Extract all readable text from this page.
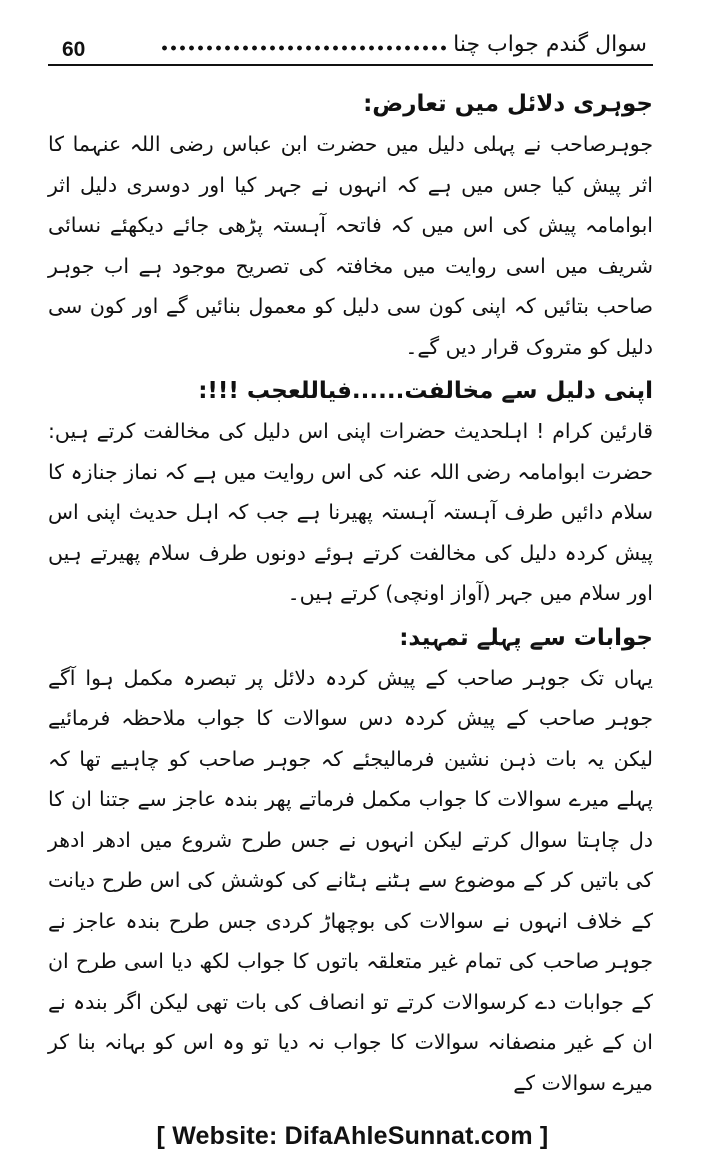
60	سوال گندم جواب چنا
جوہری دلائل میں تعارض:

جوہرصاحب نے پہلی دلیل میں حضرت ابن عباس رضی اللہ عنہما کا اثر پیش کیا جس میں ہے کہ انہوں نے جہر کیا اور دوسری دلیل اثر ابوامامہ پیش کی اس میں کہ فاتحہ آہستہ پڑھی جائے دیکھئے نسائی شریف میں اسی روایت میں مخافتہ کی تصریح موجود ہے اب جوہر صاحب بتائیں کہ اپنی کون سی دلیل کو معمول بنائیں گے اور کون سی دلیل کو متروک قرار دیں گے۔

اپنی دلیل سے مخالفت......فیاللعجب !!!:

قارئین کرام ! اہلحدیث حضرات اپنی اس دلیل کی مخالفت کرتے ہیں: حضرت ابوامامہ رضی اللہ عنہ کی اس روایت میں ہے کہ نماز جنازہ کا سلام دائیں طرف آہستہ آہستہ پھیرنا ہے جب کہ اہل حدیث اپنی اس پیش کردہ دلیل کی مخالفت کرتے ہوئے دونوں طرف سلام پھیرتے ہیں اور سلام میں جہر (آواز اونچی) کرتے ہیں۔

جوابات سے پہلے تمہید:

یہاں تک جوہر صاحب کے پیش کردہ دلائل پر تبصرہ مکمل ہوا آگے جوہر صاحب کے پیش کردہ دس سوالات کا جواب ملاحظہ فرمائیے لیکن یہ بات ذہن نشین فرمالیجئے کہ جوہر صاحب کو چاہیے تھا کہ پہلے میرے سوالات کا جواب مکمل فرماتے پھر بندہ عاجز سے جتنا ان کا دل چاہتا سوال کرتے لیکن انہوں نے جس طرح شروع میں ادھر ادھر کی باتیں کر کے موضوع سے ہٹنے ہٹانے کی کوشش کی اس طرح دیانت کے خلاف انہوں نے سوالات کی بوچھاڑ کردی جس طرح بندہ عاجز نے جوہر صاحب کی تمام غیر متعلقہ باتوں کا جواب لکھ دیا اسی طرح ان کے جوابات دے کرسوالات کرتے تو انصاف کی بات تھی لیکن اگر بندہ نے ان کے غیر منصفانہ سوالات کا جواب نہ دیا تو وہ اس کو بہانہ بنا کر میرے سوالات کے

[ Website: DifaAhleSunnat.com ]
